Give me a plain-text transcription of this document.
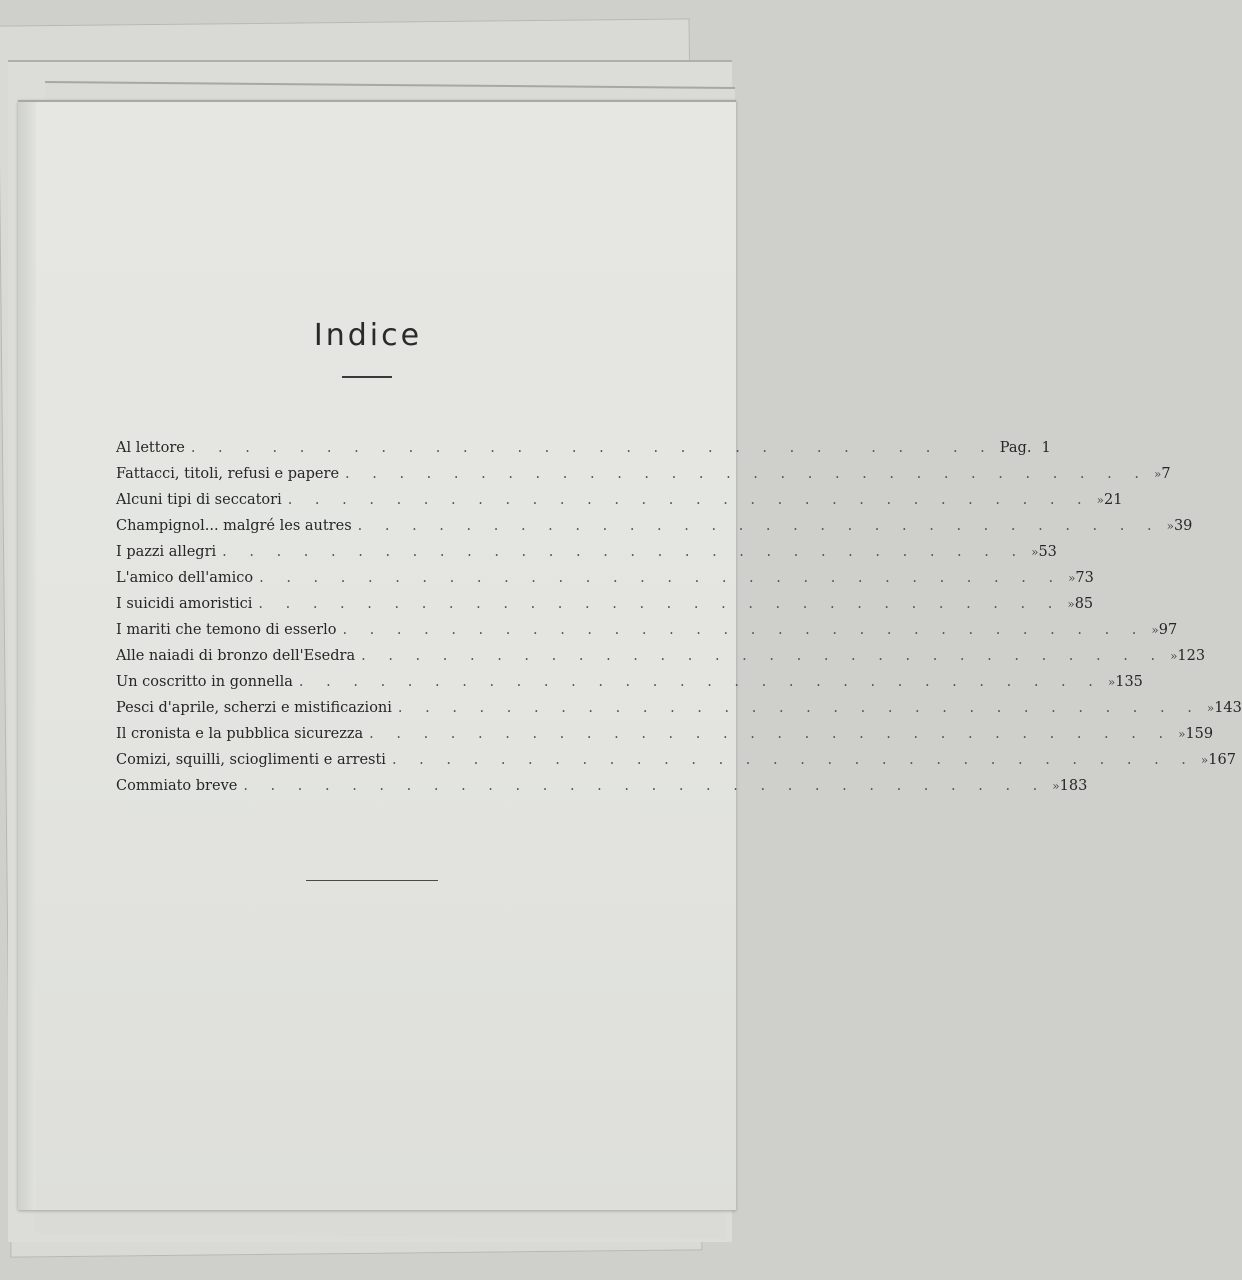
Indice
Al lettore . . . . . . . . . . . . . . . . . . . . . . . . . . . . . . Pag. 1
Fattacci, titoli, refusi e papere . . . . . . . . . . . . . . . . . . . . . . . . . . . . . . » 7
Alcuni tipi di seccatori . . . . . . . . . . . . . . . . . . . . . . . . . . . . . . » 21
Champignol... malgré les autres . . . . . . . . . . . . . . . . . . . . . . . . . . . . . . » 39
I pazzi allegri . . . . . . . . . . . . . . . . . . . . . . . . . . . . . . » 53
L'amico dell'amico . . . . . . . . . . . . . . . . . . . . . . . . . . . . . . » 73
I suicidi amoristici . . . . . . . . . . . . . . . . . . . . . . . . . . . . . . » 85
I mariti che temono di esserlo . . . . . . . . . . . . . . . . . . . . . . . . . . . . . . » 97
Alle naiadi di bronzo dell'Esedra . . . . . . . . . . . . . . . . . . . . . . . . . . . . . . » 123
Un coscritto in gonnella . . . . . . . . . . . . . . . . . . . . . . . . . . . . . . » 135
Pesci d'aprile, scherzi e mistificazioni . . . . . . . . . . . . . . . . . . . . . . . . . . . . . . » 143
Il cronista e la pubblica sicurezza . . . . . . . . . . . . . . . . . . . . . . . . . . . . . . » 159
Comizi, squilli, scioglimenti e arresti . . . . . . . . . . . . . . . . . . . . . . . . . . . . . . » 167
Commiato breve . . . . . . . . . . . . . . . . . . . . . . . . . . . . . . » 183
